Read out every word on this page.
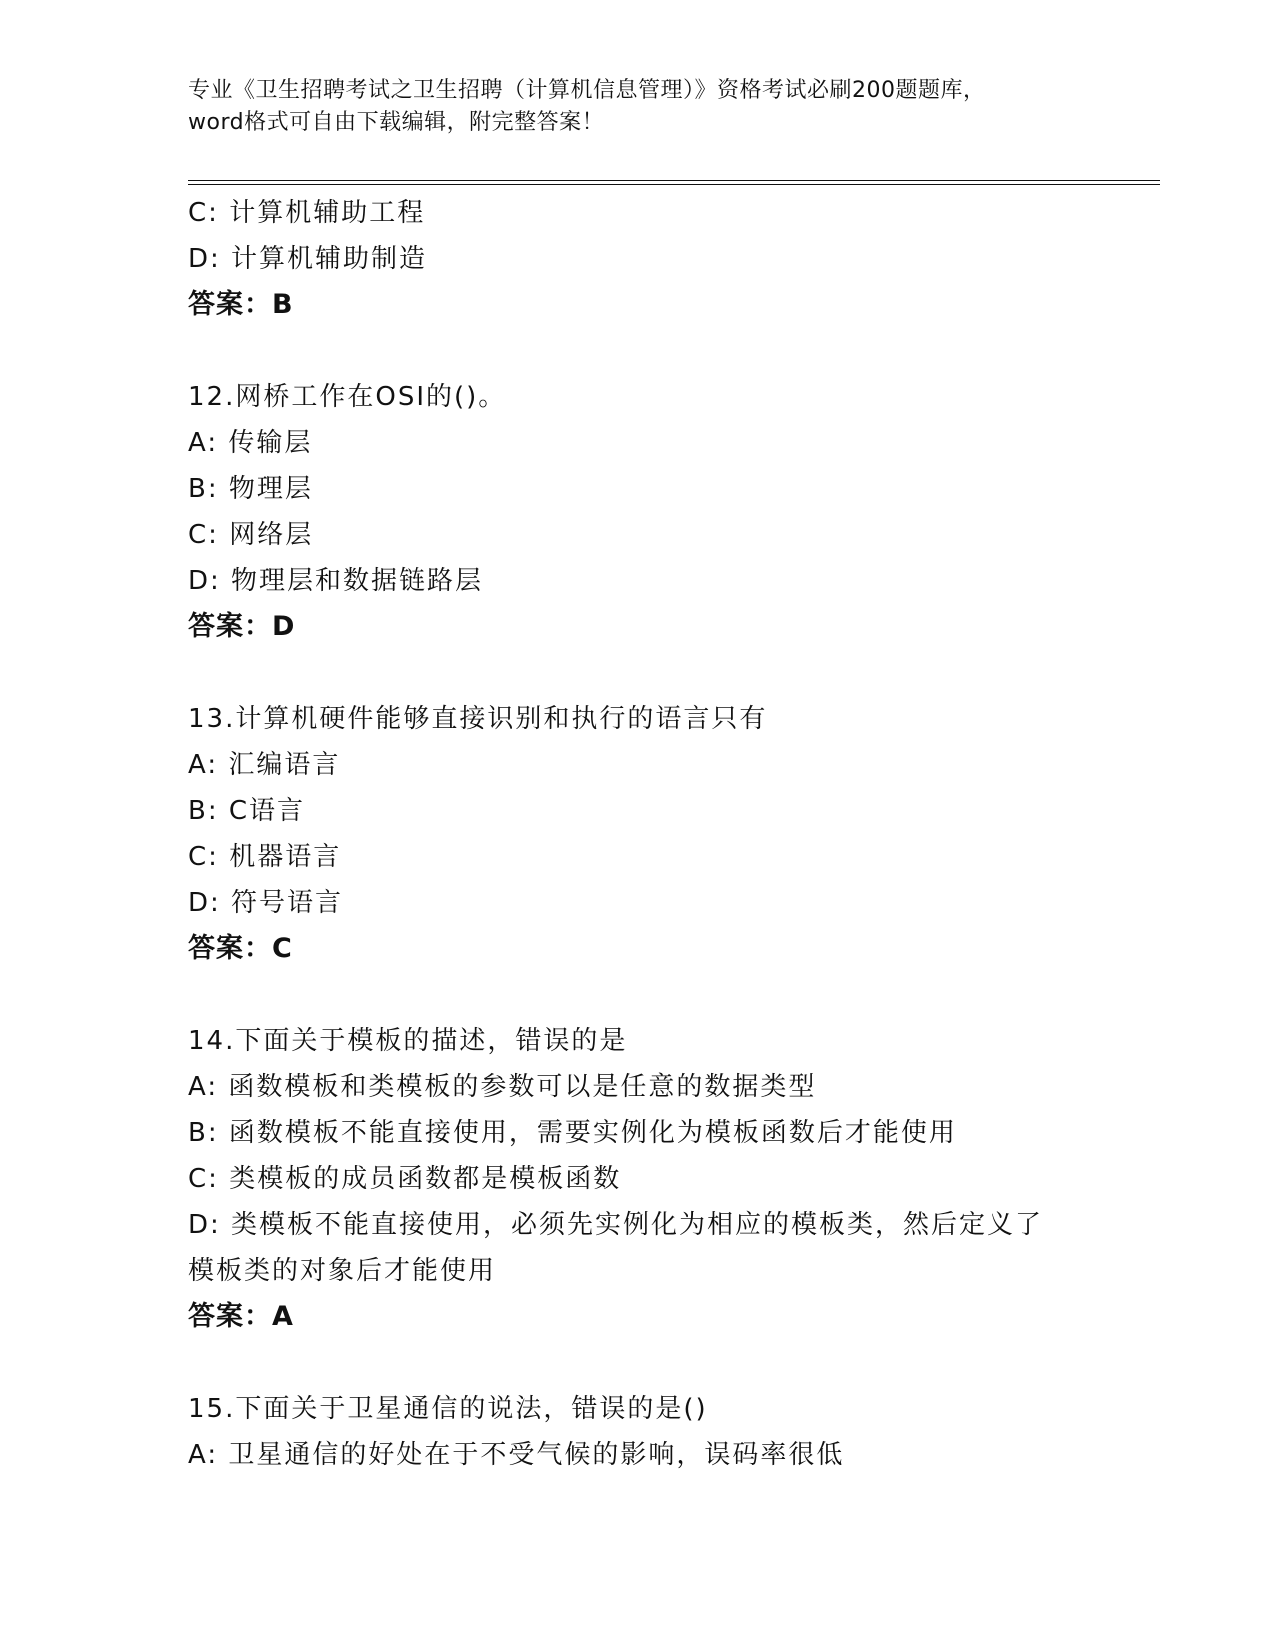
专业《卫生招聘考试之卫生招聘（计算机信息管理）》资格考试必刷200题题库，
word格式可自由下载编辑，附完整答案！
C: 计算机辅助工程
D: 计算机辅助制造
答案：B
12.网桥工作在OSI的()。
A: 传输层
B: 物理层
C: 网络层
D: 物理层和数据链路层
答案：D
13.计算机硬件能够直接识别和执行的语言只有
A: 汇编语言
B: C语言
C: 机器语言
D: 符号语言
答案：C
14.下面关于模板的描述，错误的是
A: 函数模板和类模板的参数可以是任意的数据类型
B: 函数模板不能直接使用，需要实例化为模板函数后才能使用
C: 类模板的成员函数都是模板函数
D: 类模板不能直接使用，必须先实例化为相应的模板类，然后定义了
模板类的对象后才能使用
答案：A
15.下面关于卫星通信的说法，错误的是()
A: 卫星通信的好处在于不受气候的影响，误码率很低
